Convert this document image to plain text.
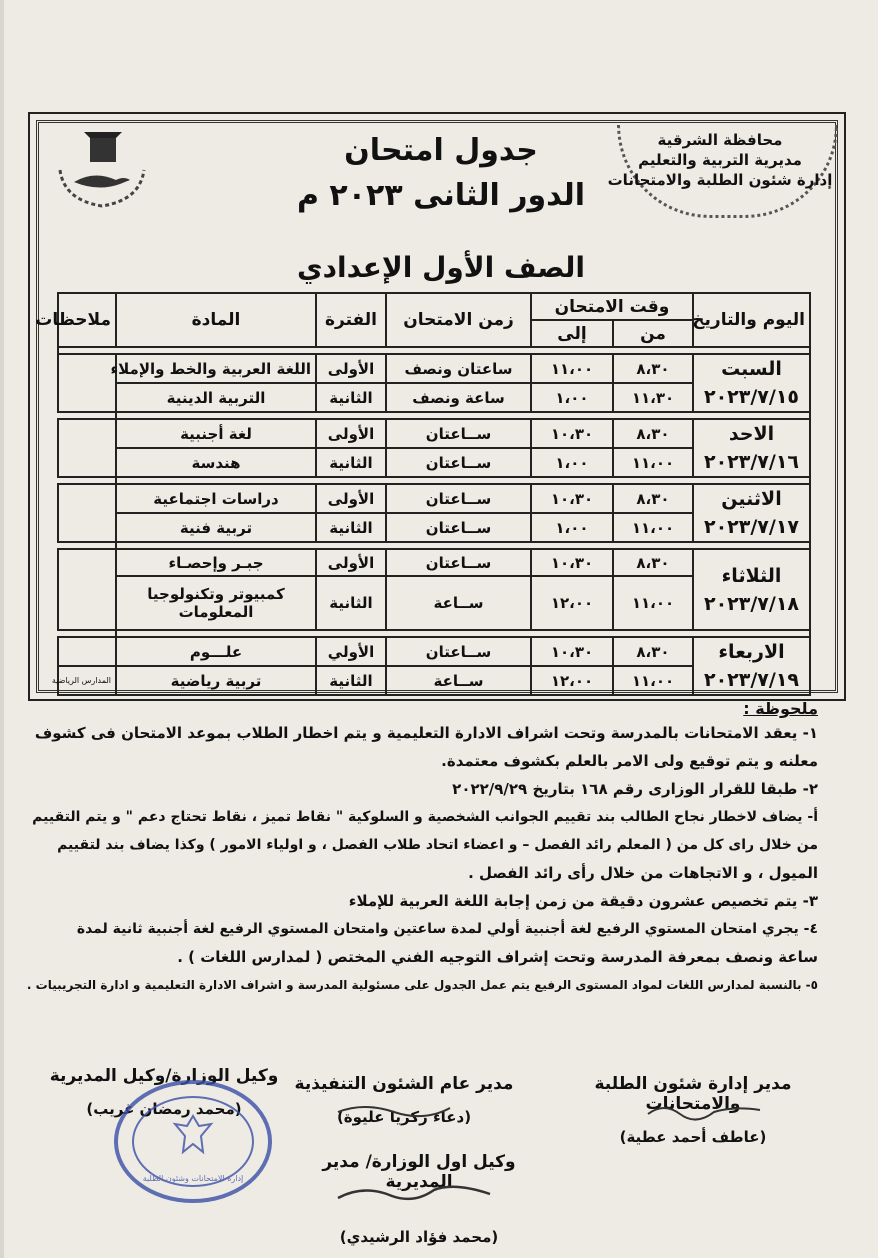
محافظة الشرقية
مديرية التربية والتعليم
إدارة شئون الطلبة والامتحانات
جدول امتحان
الدور الثانى ٢٠٢٣ م
الصف الأول الإعدادي
اليوم والتاريخ	وقت الامتحان		زمن الامتحان	الفترة	المادة	ملاحظات
	من	إلى				

السبت
٢٠٢٣/٧/١٥	٨،٣٠	١١،٠٠	ساعتان ونصف	الأولى	اللغة العربية والخط والإملاء	
	١١،٣٠	١،٠٠	ساعة ونصف	الثانية	التربية الدينية	

الاحد
٢٠٢٣/٧/١٦	٨،٣٠	١٠،٣٠	ســاعتان	الأولى	لغة أجنبية	
	١١،٠٠	١،٠٠	ســاعتان	الثانية	هندسة	

الاثنين
٢٠٢٣/٧/١٧	٨،٣٠	١٠،٣٠	ســاعتان	الأولى	دراسات اجتماعية	
	١١،٠٠	١،٠٠	ســاعتان	الثانية	تربية فنية	

الثلاثاء
٢٠٢٣/٧/١٨	٨،٣٠	١٠،٣٠	ســاعتان	الأولى	جبـر وإحصـاء	
	١١،٠٠	١٢،٠٠	ســاعة	الثانية	كمبيوتر وتكنولوجيا المعلومات	

الاربعاء
٢٠٢٣/٧/١٩	٨،٣٠	١٠،٣٠	ســاعتان	الأولي	علـــوم	
	١١،٠٠	١٢،٠٠	ســاعة	الثانية	تربية رياضية	المدارس الرياضية
ملحوظة :
١- يعقد الامتحانات بالمدرسة وتحت اشراف الادارة التعليمية و يتم اخطار الطلاب بموعد الامتحان فى كشوف
معلنه و يتم توقيع ولى الامر بالعلم بكشوف معتمدة.
٢- طبقا للقرار الوزارى رقم ١٦٨ بتاريخ ٢٠٢٢/٩/٢٩
أ- يضاف لاخطار نجاح الطالب بند تقييم الجوانب الشخصية و السلوكية " نقاط تميز ، نقاط تحتاج دعم " و يتم التقييم
من خلال راى كل من ( المعلم رائد الفصل – و اعضاء اتحاد طلاب الفصل ، و اولياء الامور ) وكذا يضاف بند لتقييم
الميول ، و الاتجاهات من خلال رأى رائد الفصل .
٣- يتم تخصيص عشرون دقيقة من زمن إجابة اللغة العربية للإملاء
٤- يجري امتحان المستوي الرفيع لغة أجنبية أولي لمدة ساعتين وامتحان المستوي الرفيع لغة أجنبية ثانية لمدة
ساعة ونصف بمعرفة المدرسة وتحت إشراف التوجيه الفني المختص ( لمدارس اللغات ) .
٥- بالنسبة لمدارس اللغات لمواد المستوى الرفيع يتم عمل الجدول على مسئولية المدرسة و اشراف الادارة التعليمية و ادارة التجريبيات .
مدير إدارة شئون الطلبة والامتحانات
(عاطف أحمد عطية)
مدير عام الشئون التنفيذية
(دعاء زكريا عليوة)
وكيل الوزارة/وكيل المديرية
(محمد رمضان غريب)
وكيل اول الوزارة/ مدير المديرية
(محمد فؤاد الرشيدي)
إدارة الامتحانات وشئون الطلبة
